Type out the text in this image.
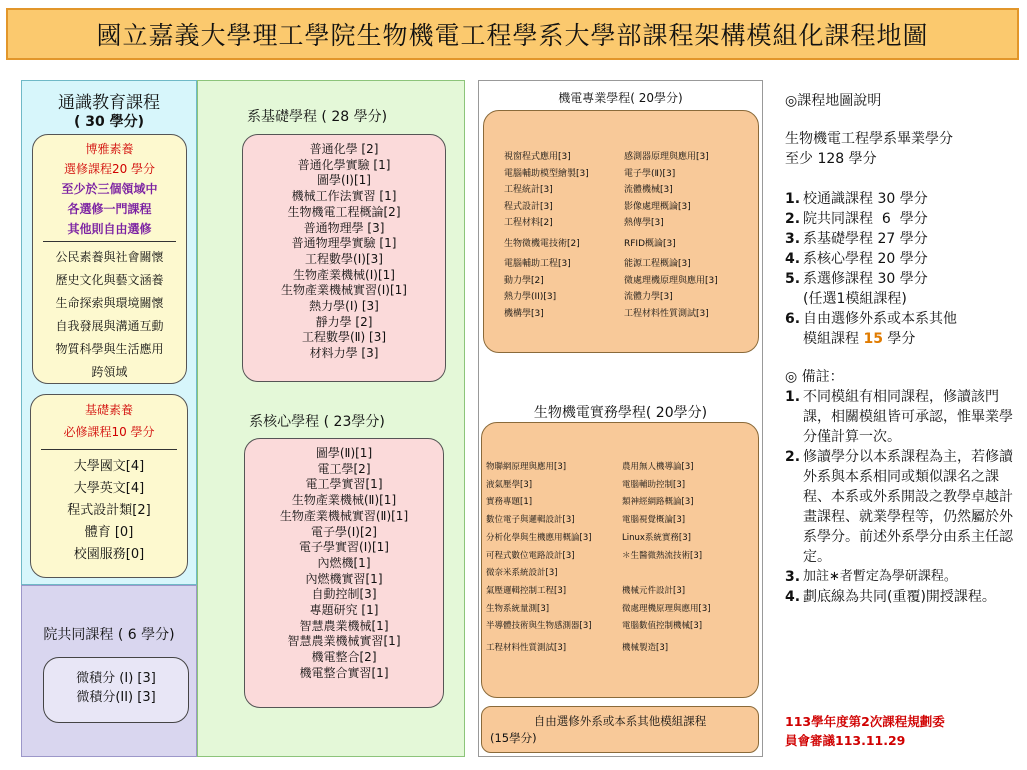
國立嘉義大學理工學院生物機電工程學系大學部課程架構模組化課程地圖
通識教育課程
( 30 學分)
博雅素養
選修課程20 學分
至少於三個領域中
各選修一門課程
其他則自由選修
公民素養與社會關懷
歷史文化與藝文涵養
生命探索與環境關懷
自我發展與溝通互動
物質科學與生活應用
跨領域
基礎素養
必修課程10 學分
大學國文[4]
大學英文[4]
程式設計類[2]
體育 [0]
校園服務[0]
院共同課程 ( 6 學分)
微積分 (I) [3]
微積分(II) [3]
系基礎學程 ( 28 學分)
普通化學 [2]
普通化學實驗 [1]
圖學(Ⅰ)[1]
機械工作法實習 [1]
生物機電工程概論[2]
普通物理學 [3]
普通物理學實驗 [1]
工程數學(Ⅰ)[3]
生物產業機械(Ⅰ)[1]
生物產業機械實習(Ⅰ)[1]
熱力學(Ⅰ) [3]
靜力學 [2]
工程數學(Ⅱ) [3]
材料力學 [3]
系核心學程 ( 23學分)
圖學(Ⅱ)[1]
電工學[2]
電工學實習[1]
生物產業機械(Ⅱ)[1]
生物產業機械實習(Ⅱ)[1]
電子學(Ⅰ)[2]
電子學實習(Ⅰ)[1]
內燃機[1]
內燃機實習[1]
自動控制[3]
專題研究 [1]
智慧農業機械[1]
智慧農業機械實習[1]
機電整合[2]
機電整合實習[1]
機電專業學程( 20學分)
視窗程式應用[3]	感測器原理與應用[3]
電腦輔助模型繪製[3]	電子學(Ⅱ)[3]
工程統計[3]	流體機械[3]
程式設計[3]	影像處理概論[3]
工程材料[2]	熱傳學[3]
生物微機電技術[2]	RFID概論[3]
電腦輔助工程[3]	能源工程概論[3]
動力學[2]	微處理機原理與應用[3]
熱力學(II)[3]	流體力學[3]
機構學[3]	工程材料性質測試[3]
生物機電實務學程( 20學分)
物聯網原理與應用[3]	農用無人機導論[3]
液氣壓學[3]	電腦輔助控制[3]
實務專題[1]	類神經網路概論[3]
數位電子與邏輯設計[3]	電腦視覺概論[3]
分析化學與生機應用概論[3]	Linux系統實務[3]
可程式數位電路設計[3]	＊生醫微熱流技術[3]
微奈米系統設計[3]
氣壓邏輯控制工程[3]	機械元件設計[3]
生物系統量測[3]	微處理機原理與應用[3]
半導體技術與生物感測器[3]	電腦數值控制機械[3]
工程材料性質測試[3]	機械製造[3]
自由選修外系或本系其他模組課程
(15學分)
◎課程地圖說明
生物機電工程學系畢業學分
至少 128 學分
1. 校通識課程 30 學分
2. 院共同課程  6  學分
3. 系基礎學程 27 學分
4. 系核心學程 20 學分
5. 系選修課程 30 學分
(任選1模組課程)
6. 自由選修外系或本系其他
模組課程 15 學分
◎ 備註：
1. 不同模組有相同課程，修讀該門課，相關模組皆可承認，惟畢業學分僅計算一次。
2. 修讀學分以本系課程為主，若修讀外系與本系相同或類似課名之課程、本系或外系開設之教學卓越計畫課程、就業學程等，仍然屬於外系學分。前述外系學分由系主任認定。
3. 加註∗者暫定為學研課程。
4. 劃底線為共同(重覆)開授課程。
113學年度第2次課程規劃委
員會審議113.11.29
